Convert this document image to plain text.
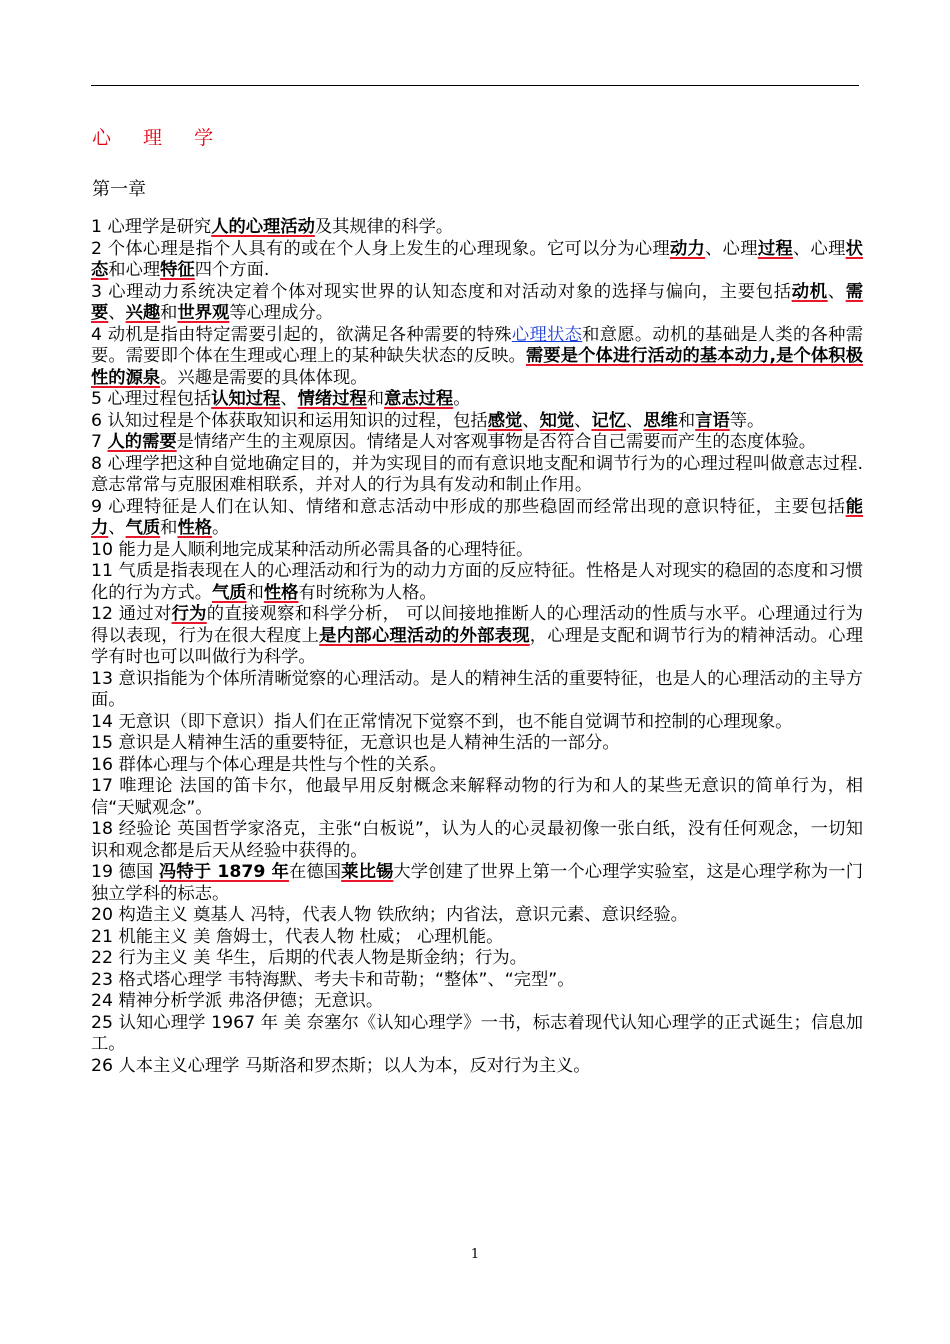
心 理 学
第一章

1 心理学是研究人的心理活动及其规律的科学。

2 个体心理是指个人具有的或在个人身上发生的心理现象。它可以分为心理动力、心理过程、心理状态和心理特征四个方面.

3 心理动力系统决定着个体对现实世界的认知态度和对活动对象的选择与偏向，主要包括动机、需要、兴趣和世界观等心理成分。

4 动机是指由特定需要引起的，欲满足各种需要的特殊心理状态和意愿。动机的基础是人类的各种需要。需要即个体在生理或心理上的某种缺失状态的反映。需要是个体进行活动的基本动力,是个体积极性的源泉。兴趣是需要的具体体现。

5 心理过程包括认知过程、情绪过程和意志过程。

6 认知过程是个体获取知识和运用知识的过程，包括感觉、知觉、记忆、思维和言语等。

7 人的需要是情绪产生的主观原因。情绪是人对客观事物是否符合自己需要而产生的态度体验。

8 心理学把这种自觉地确定目的，并为实现目的而有意识地支配和调节行为的心理过程叫做意志过程. 意志常常与克服困难相联系，并对人的行为具有发动和制止作用。

9 心理特征是人们在认知、情绪和意志活动中形成的那些稳固而经常出现的意识特征，主要包括能力、气质和性格。

10 能力是人顺利地完成某种活动所必需具备的心理特征。

11 气质是指表现在人的心理活动和行为的动力方面的反应特征。性格是人对现实的稳固的态度和习惯化的行为方式。气质和性格有时统称为人格。

12 通过对行为的直接观察和科学分析， 可以间接地推断人的心理活动的性质与水平。心理通过行为得以表现，行为在很大程度上是内部心理活动的外部表现，心理是支配和调节行为的精神活动。心理学有时也可以叫做行为科学。

13 意识指能为个体所清晰觉察的心理活动。是人的精神生活的重要特征，也是人的心理活动的主导方面。

14 无意识（即下意识）指人们在正常情况下觉察不到，也不能自觉调节和控制的心理现象。

15 意识是人精神生活的重要特征，无意识也是人精神生活的一部分。

16 群体心理与个体心理是共性与个性的关系。

17 唯理论 法国的笛卡尔，他最早用反射概念来解释动物的行为和人的某些无意识的简单行为，相信“天赋观念”。

18 经验论 英国哲学家洛克，主张“白板说”，认为人的心灵最初像一张白纸，没有任何观念，一切知识和观念都是后天从经验中获得的。

19 德国 冯特于 1879 年在德国莱比锡大学创建了世界上第一个心理学实验室，这是心理学称为一门独立学科的标志。

20 构造主义 奠基人 冯特，代表人物 铁欣纳；内省法，意识元素、意识经验。

21 机能主义 美 詹姆士，代表人物 杜威； 心理机能。

22 行为主义 美 华生，后期的代表人物是斯金纳；行为。

23 格式塔心理学 韦特海默、考夫卡和苛勒；“整体”、“完型”。

24 精神分析学派 弗洛伊德；无意识。

25 认知心理学 1967 年 美 奈塞尔《认知心理学》一书，标志着现代认知心理学的正式诞生；信息加工。

26 人本主义心理学 马斯洛和罗杰斯；以人为本，反对行为主义。

1
